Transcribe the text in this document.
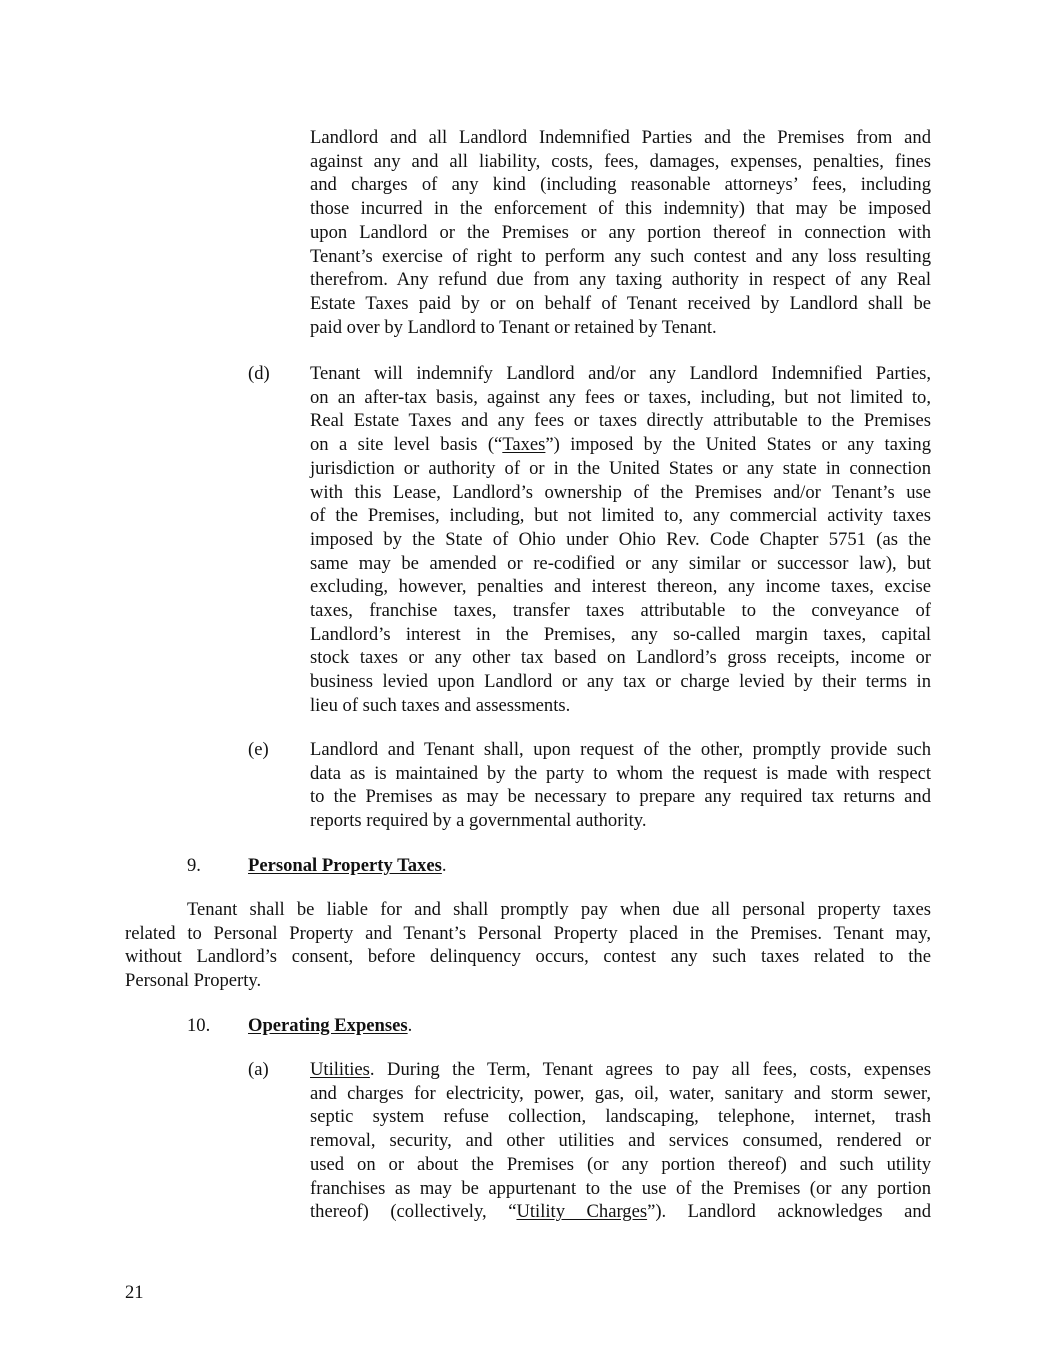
Landlord and all Landlord Indemnified Parties and the Premises from and
against any and all liability, costs, fees, damages, expenses, penalties, fines
and charges of any kind (including reasonable attorneys’ fees, including
those incurred in the enforcement of this indemnity) that may be imposed
upon Landlord or the Premises or any portion thereof in connection with
Tenant’s exercise of right to perform any such contest and any loss resulting
therefrom. Any refund due from any taxing authority in respect of any Real
Estate Taxes paid by or on behalf of Tenant received by Landlord shall be
paid over by Landlord to Tenant or retained by Tenant.
(d) Tenant will indemnify Landlord and/or any Landlord Indemnified Parties,
on an after-tax basis, against any fees or taxes, including, but not limited to,
Real Estate Taxes and any fees or taxes directly attributable to the Premises
on a site level basis (“Taxes”) imposed by the United States or any taxing
jurisdiction or authority of or in the United States or any state in connection
with this Lease, Landlord’s ownership of the Premises and/or Tenant’s use
of the Premises, including, but not limited to, any commercial activity taxes
imposed by the State of Ohio under Ohio Rev. Code Chapter 5751 (as the
same may be amended or re-codified or any similar or successor law), but
excluding, however, penalties and interest thereon, any income taxes, excise
taxes, franchise taxes, transfer taxes attributable to the conveyance of
Landlord’s interest in the Premises, any so-called margin taxes, capital
stock taxes or any other tax based on Landlord’s gross receipts, income or
business levied upon Landlord or any tax or charge levied by their terms in
lieu of such taxes and assessments.
(e) Landlord and Tenant shall, upon request of the other, promptly provide such
data as is maintained by the party to whom the request is made with respect
to the Premises as may be necessary to prepare any required tax returns and
reports required by a governmental authority.
9.	Personal Property Taxes.
Tenant shall be liable for and shall promptly pay when due all personal property taxes
related to Personal Property and Tenant’s Personal Property placed in the Premises. Tenant may,
without Landlord’s consent, before delinquency occurs, contest any such taxes related to the
Personal Property.
10. Operating Expenses.
(a) Utilities. During the Term, Tenant agrees to pay all fees, costs, expenses
and charges for electricity, power, gas, oil, water, sanitary and storm sewer,
septic system refuse collection, landscaping, telephone, internet, trash
removal, security, and other utilities and services consumed, rendered or
used on or about the Premises (or any portion thereof) and such utility
franchises as may be appurtenant to the use of the Premises (or any portion
thereof) (collectively, “Utility Charges”). Landlord acknowledges and
21
